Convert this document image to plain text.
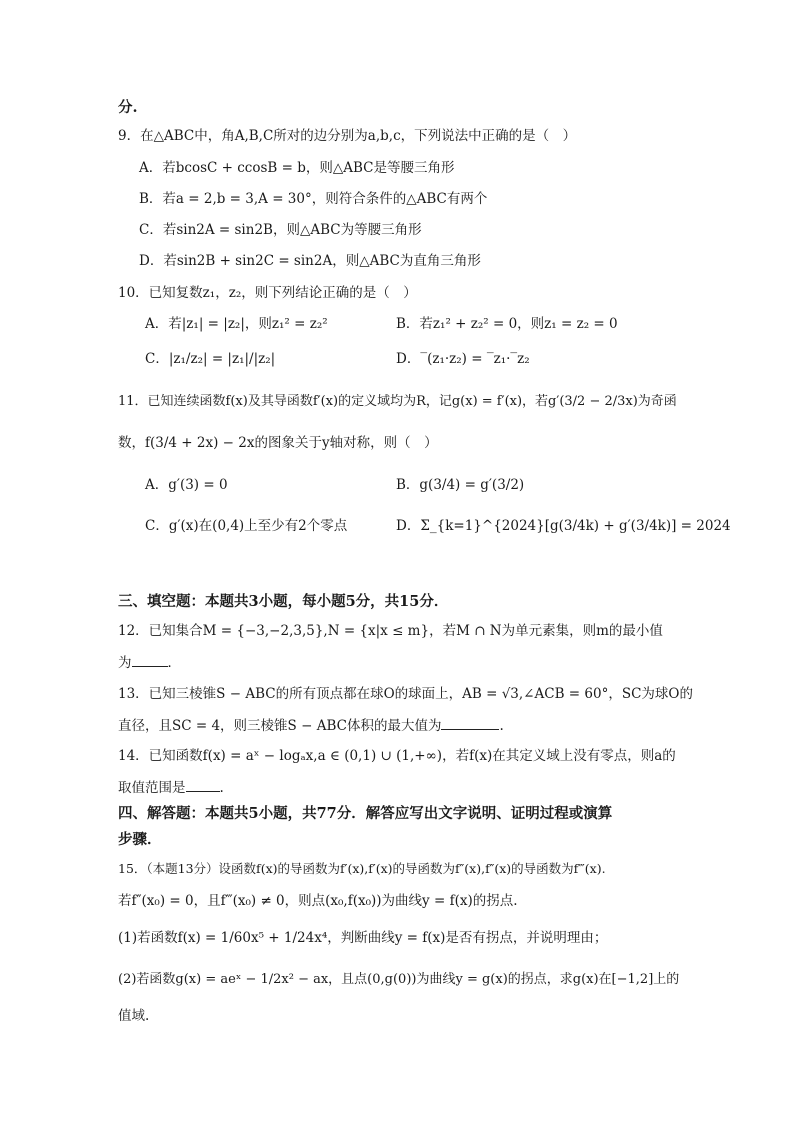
分.
9．在△ABC中，角A,B,C所对的边分别为a,b,c，下列说法中正确的是（　）
A．若bcosC + ccosB = b，则△ABC是等腰三角形
B．若a = 2,b = 3,A = 30°，则符合条件的△ABC有两个
C．若sin2A = sin2B，则△ABC为等腰三角形
D．若sin2B + sin2C = sin2A，则△ABC为直角三角形
10．已知复数z₁，z₂，则下列结论正确的是（　）
A．若|z₁| = |z₂|，则z₁² = z₂²	B．若z₁² + z₂² = 0，则z₁ = z₂ = 0
C．|z₁/z₂| = |z₁|/|z₂|	D．‾(z₁·z₂) = ‾z₁·‾z₂
11．已知连续函数f(x)及其导函数f′(x)的定义域均为R，记g(x) = f′(x)，若g′(3/2 − 2/3x)为奇函
数，f(3/4 + 2x) − 2x的图象关于y轴对称，则（　）
A．g′(3) = 0	B．g(3/4) = g′(3/2)
C．g′(x)在(0,4)上至少有2个零点	D．Σ_{k=1}^{2024}[g(3/4k) + g′(3/4k)] = 2024
三、填空题：本题共3小题，每小题5分，共15分．
12．已知集合M = {−3,−2,3,5},N = {x|x ≤ m}，若M ∩ N为单元素集，则m的最小值
为	．
13．已知三棱锥S − ABC的所有顶点都在球O的球面上，AB = √3,∠ACB = 60°，SC为球O的
直径，且SC = 4，则三棱锥S − ABC体积的最大值为	.
14．已知函数f(x) = aˣ − logₐx,a ∈ (0,1) ∪ (1,+∞)，若f(x)在其定义域上没有零点，则a的
取值范围是	.
四、解答题：本题共5小题，共77分．解答应写出文字说明、证明过程或演算
步骤．
15．（本题13分）设函数f(x)的导函数为f′(x),f′(x)的导函数为f″(x),f″(x)的导函数为f‴(x).
若f″(x₀) = 0，且f‴(x₀) ≠ 0，则点(x₀,f(x₀))为曲线y = f(x)的拐点.
(1)若函数f(x) = 1/60x⁵ + 1/24x⁴，判断曲线y = f(x)是否有拐点，并说明理由；
(2)若函数g(x) = aeˣ − 1/2x² − ax，且点(0,g(0))为曲线y = g(x)的拐点，求g(x)在[−1,2]上的
值域.
